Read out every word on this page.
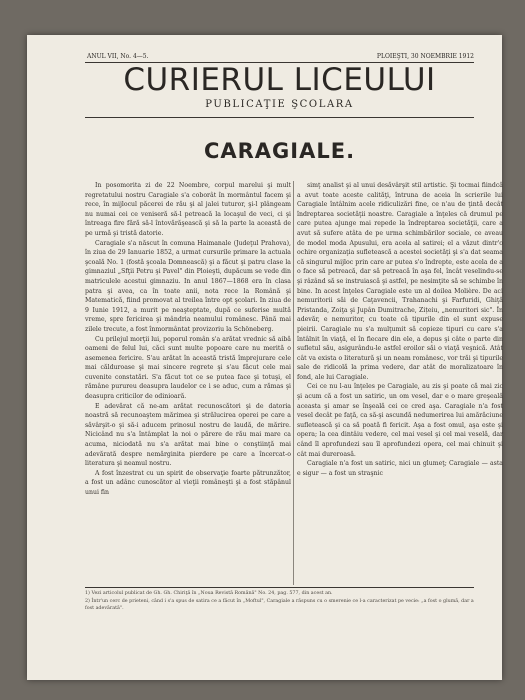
ANUL VII, No. 4—5.	PLOIEŞTI, 30 NOEMBRIE 1912
CURIERUL LICEULUI
PUBLICAŢIE ŞCOLARA
CARAGIALE.

In posomorita zi de 22 Noembre, corpul marelui şi mult regretatului nostru Caragiale s'a coborât în mormântul facem şi rece, în mijlocul păcerei de rău şi al jalei tuturor, şi-l plângeam nu numai cei ce veniseră să-l petreacă la locaşul de veci, ci şi întreaga fire fără să-l întovărăşească şi să la parte la această de pe urmă şi tristă datorie.

Caragiale s'a născut în comuna Haimanale (Judeţul Prahova), în ziua de 29 Ianuarie 1852, a urmat cursurile primare la actuala şcoală No. 1 (fostă şcoala Domnească) şi a făcut şi patru clase la gimnaziul „Sfţii Petru şi Pavel" din Ploieşti, dupăcum se vede din matriculele acestui gimnaziu. In anul 1867—1868 era în clasa patra şi avea, ca în toate anii, nota rece la Română şi Matematică, fiind promovat al treilea între opt şcolari. In ziua de 9 Iunie 1912, a murit pe neaşteptate, după ce suferise multă vreme, spre fericirea şi mândria neamului românesc. Până mai zilele trecute, a fost înmormântat provizoriu la Schöneberg.

Cu prilejul morţii lui, poporul român s'a arătat vrednic să aibă oameni de felul lui, căci sunt multe popoare care nu merită o asemenea fericire. S'au arătat în această tristă împrejurare cele mai călduroase şi mai sincere regrete şi s'au făcut cele mai cuvenite constatări. S'a făcut tot ce se putea face şi totuşi, el rămâne purureu deasupra laudelor ce i se aduc, cum a rămas şi deasupra criticilor de odinioară.

E adevărat că ne-am arătat recunoscători şi de datoria noastră să recunoaştem mărimea şi strălucirea operei pe care a săvârşit-o şi să-i aducem prinosul nostru de laudă, de mărire. Nicicând nu s'a întâmplat la noi o părere de rău mai mare ca acuma, niciodată nu s'a arătat mai bine o conştiinţă mai adevărată despre nemărginita pierdere pe care a încercat-o literatura şi neamul nostru.

A fost înzestrat cu un spirit de observaţie foarte pătrunzător, a fost un adânc cunoscător al vieţii româneşti şi a fost stăpânul unui fin

simţ analist şi al unui desăvârşit stil artistic. Şi tocmai fiindcă a avut toate aceste calităţi, întruna de aceia în scrierile lui Caragiale întâlnim acele ridiculizări fine, ce n'au de ţintă decât îndreptarea societăţii noastre. Caragiale a înţeles că drumul pe care putea ajunge mai repede la îndreptarea societăţii, care a avut să sufere atâta de pe urma schimbărilor sociale, ce aveau de model moda Apusului, era acela al satirei; el a văzut dintr'o ochire organizaţia sufletească a acestei societăţi şi s'a dat seama că singurul mijloc prin care ar putea s'o îndrepte, este acela de a o face să petreacă, dar să petreacă în aşa fel, încât veselindu-se şi râzând să se instruiască şi astfel, pe nesimţite să se schimbe în bine. In acest înţeles Caragiale este un al doilea Molière. De aci nemuritorii săi de Caţavencii, Trahanachi şi Farfuridi, Ghiţă Pristanda, Zoiţa şi Jupân Dumitrache, Zițeiu, „nemuritori sic". În adevăr, e nemuritor, cu toate că tipurile din el sunt expuse pieirii. Caragiale nu s'a mulţumit să copieze tipuri cu care s'a întâlnit în viaţă, el în fiecare din ele, a depus şi câte o parte din sufletul său, asigurându-le astfel eroilor săi o viaţă veşnică. Atât cât va exista o literatură şi un neam românesc, vor trăi şi tipurile sale de ridicolă la prima vedere, dar atât de moralizatoare în fond, ale lui Caragiale.

Cei ce nu l-au înţeles pe Caragiale, au zis şi poate că mai zic şi acum că a fost un satiric, un om vesel, dar e o mare greşeală aceasta şi amar se înşeală cei ce cred aşa. Caragiale n'a fost vesel decât pe faţă, ca să-şi ascundă nedumerirea lui amărăciune sufletească şi ca să poată fi fericit. Aşa a fost omul, aşa este şi opera; la cea dintâiu vedere, cel mai vesel şi cel mai veselă, dar când îl aprofundezi sau îl aprofundezi opera, cel mai chinuit şi cât mai dureroasă.

Caragiale n'a fost un satiric, nici un glumeţ; Caragiale — asta e sigur — a fost un straşnic

1) Vezi articolul publicat de Gh. Gh. Chiriţă în „Noua Revistă Română" No. 24, pag. 577, din acest an.
2) Într'un cerc de prieteni, când i s'a spus de satira ce a făcut în „Moftul", Caragiale a răspuns cu o smerenie ce l-a caracterizat pe vecie: „a fost o glumă, dar a fost adevărată".
